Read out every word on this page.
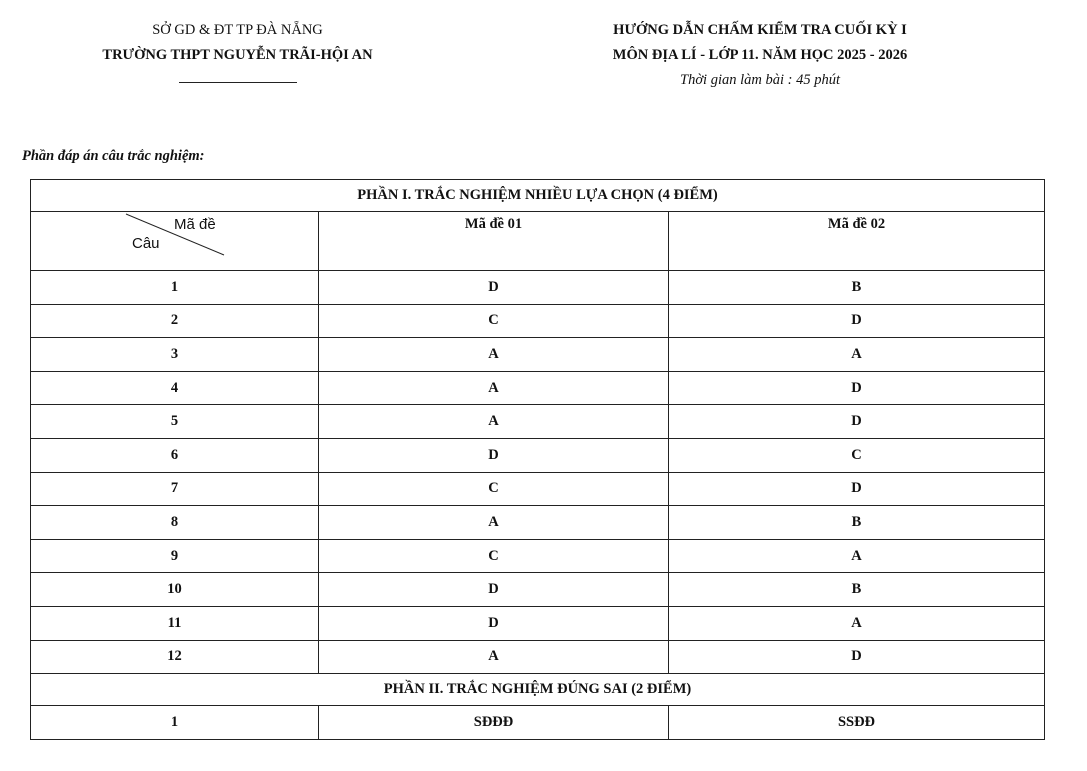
SỞ GD & ĐT TP ĐÀ NẴNG
TRƯỜNG THPT NGUYỄN TRÃI-HỘI AN
HƯỚNG DẪN CHẤM KIỂM TRA CUỐI KỲ I
MÔN ĐỊA LÍ - LỚP 11. NĂM HỌC 2025 - 2026
Thời gian làm bài : 45 phút
Phần đáp án câu trắc nghiệm:
PHẦN I. TRẮC NGHIỆM NHIỀU LỰA CHỌN (4 ĐIỂM)		

Mã đề
Câu	Mã đề 01	Mã đề 02
1	D	B
2	C	D
3	A	A
4	A	D
5	A	D
6	D	C
7	C	D
8	A	B
9	C	A
10	D	B
11	D	A
12	A	D
PHẦN II. TRẮC NGHIỆM ĐÚNG SAI (2 ĐIỂM)		
1	SĐĐĐ	SSĐĐ
